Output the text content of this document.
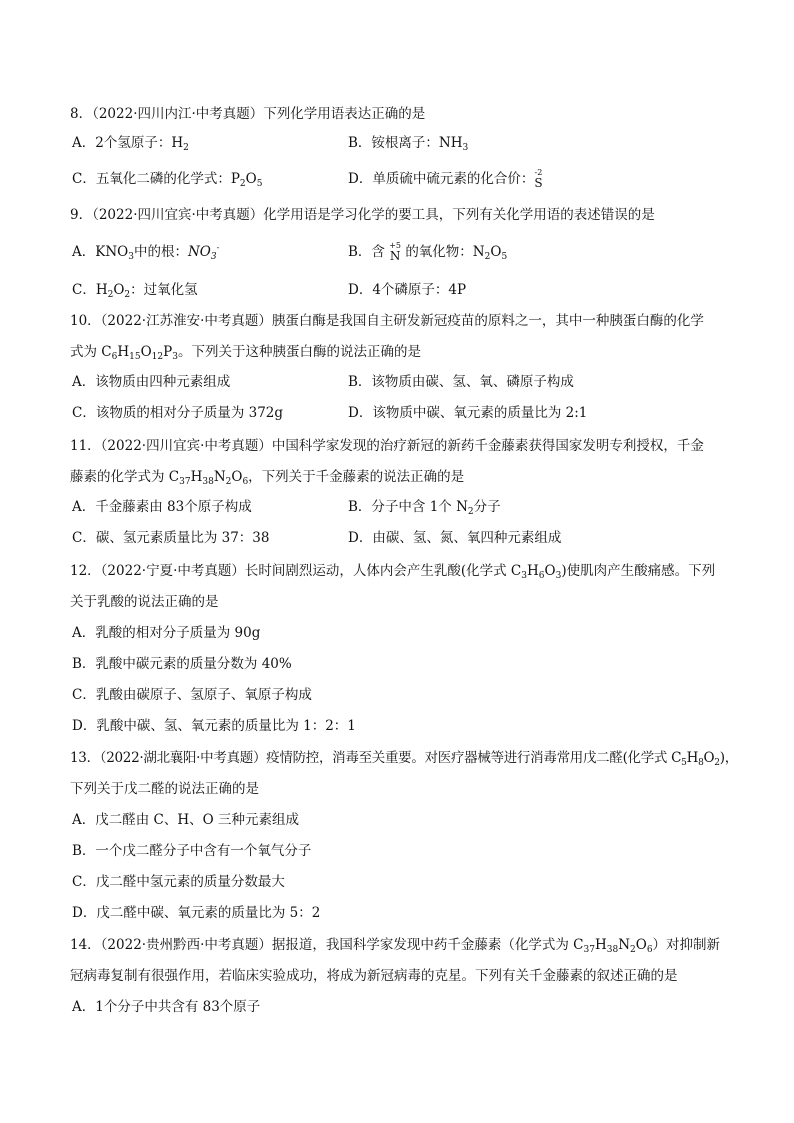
8．（2022·四川内江·中考真题）下列化学用语表达正确的是
A．2个氢原子：$H_2$	B．铵根离子：$NH_3$
C．五氧化二磷的化学式：$P_2O_5$	D．单质硫中硫元素的化合价： -2
S
9．（2022·四川宜宾·中考真题）化学用语是学习化学的要工具，下列有关化学用语的表述错误的是
A．$KNO_3$中的根：$NO_3^-$	B．含 +5
N 的氧化物：$N_2O_5$
C．$H_2O_2$：过氧化氢	D．4个磷原子：4P
10．（2022·江苏淮安·中考真题）胰蛋白酶是我国自主研发新冠疫苗的原料之一，其中一种胰蛋白酶的化学
式为 $C_6H_{15}O_{12}P_3$。下列关于这种胰蛋白酶的说法正确的是
A．该物质由四种元素组成	B．该物质由碳、氢、氧、磷原子构成
C．该物质的相对分子质量为 372g	D．该物质中碳、氧元素的质量比为 2:1
11．（2022·四川宜宾·中考真题）中国科学家发现的治疗新冠的新药千金藤素获得国家发明专利授权，千金
藤素的化学式为 $C_{37}H_{38}N_2O_6$，下列关于千金藤素的说法正确的是
A．千金藤素由 83个原子构成	B．分子中含 1个 $N_2$分子
C．碳、氢元素质量比为 37：38	D．由碳、氢、氮、氧四种元素组成
12．（2022·宁夏·中考真题）长时间剧烈运动，人体内会产生乳酸(化学式 $C_3H_6O_3$)使肌肉产生酸痛感。下列
关于乳酸的说法正确的是
A．乳酸的相对分子质量为 90g
B．乳酸中碳元素的质量分数为 40%
C．乳酸由碳原子、氢原子、氧原子构成
D．乳酸中碳、氢、氧元素的质量比为 1：2：1
13．（2022·湖北襄阳·中考真题）疫情防控，消毒至关重要。对医疗器械等进行消毒常用戊二醛(化学式 $C_5H_8O_2$)，
下列关于戊二醛的说法正确的是
A．戊二醛由 C、H、O 三种元素组成
B．一个戊二醛分子中含有一个氧气分子
C．戊二醛中氢元素的质量分数最大
D．戊二醛中碳、氧元素的质量比为 5：2
14．（2022·贵州黔西·中考真题）据报道，我国科学家发现中药千金藤素（化学式为 $C_{37}H_{38}N_2O_6$）对抑制新
冠病毒复制有很强作用，若临床实验成功，将成为新冠病毒的克星。下列有关千金藤素的叙述正确的是
A．1个分子中共含有 83个原子
